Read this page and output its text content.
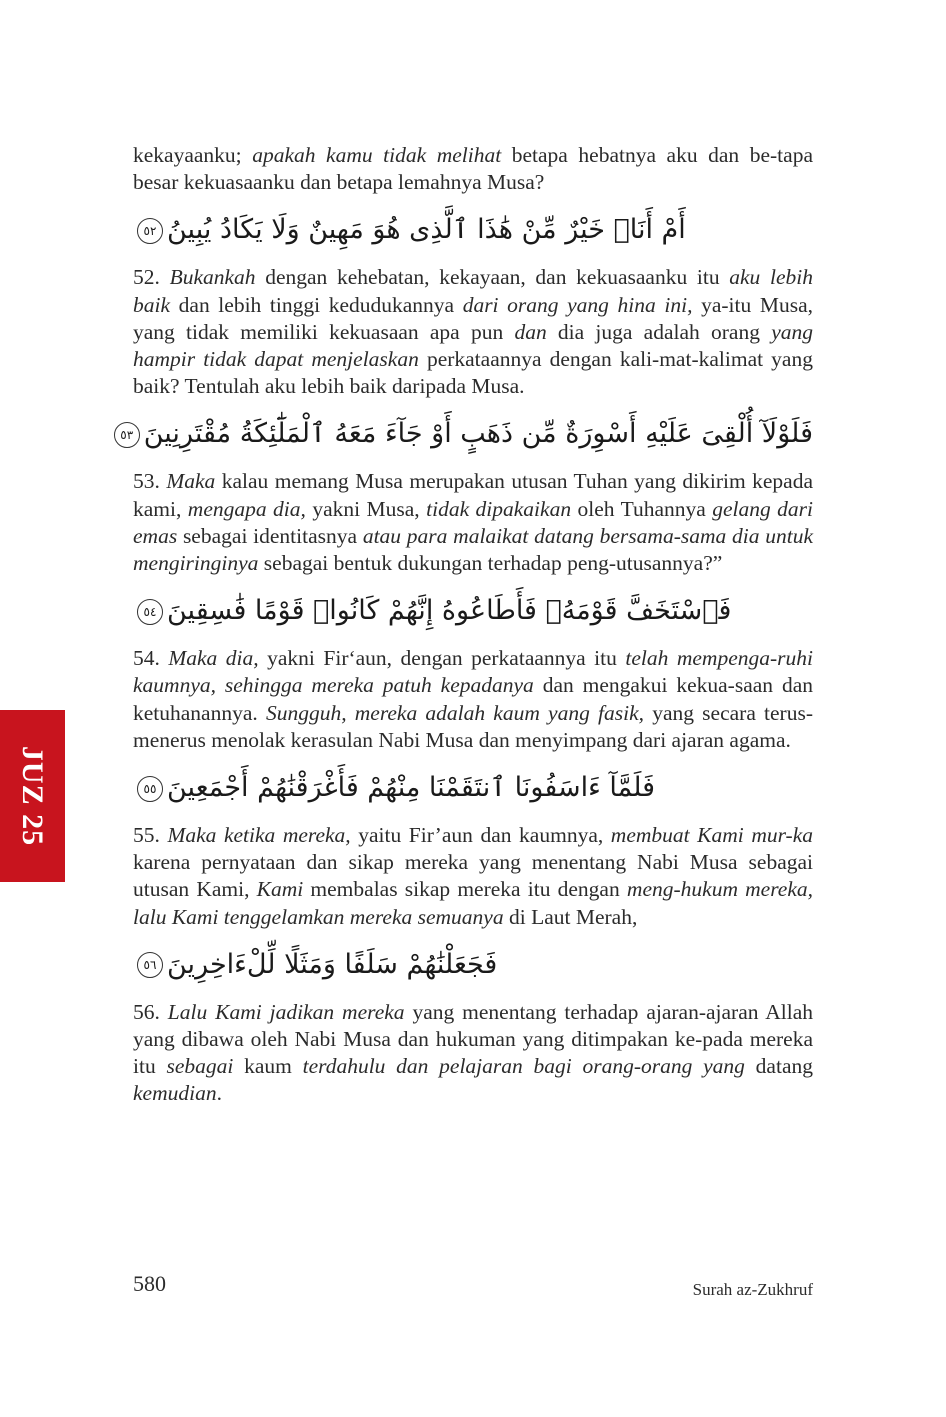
kekayaanku; apakah kamu tidak melihat betapa hebatnya aku dan be-tapa besar kekuasaanku dan betapa lemahnya Musa?

أَمْ أَنَا۠ خَيْرٌ مِّنْ هَٰذَا ٱلَّذِى هُوَ مَهِينٌ وَلَا يَكَادُ يُبِينُ٥٢

52. Bukankah dengan kehebatan, kekayaan, dan kekuasaanku itu aku lebih baik dan lebih tinggi kedudukannya dari orang yang hina ini, ya-itu Musa, yang tidak memiliki kekuasaan apa pun dan dia juga adalah orang yang hampir tidak dapat menjelaskan perkataannya dengan kali-mat-kalimat yang baik? Tentulah aku lebih baik daripada Musa.

فَلَوْلَآ أُلْقِىَ عَلَيْهِ أَسْوِرَةٌ مِّن ذَهَبٍ أَوْ جَآءَ مَعَهُ ٱلْمَلَٰٓئِكَةُ مُقْتَرِنِينَ٥٣

53. Maka kalau memang Musa merupakan utusan Tuhan yang dikirim kepada kami, mengapa dia, yakni Musa, tidak dipakaikan oleh Tuhannya gelang dari emas sebagai identitasnya atau para malaikat datang bersama-sama dia untuk mengiringinya sebagai bentuk dukungan terhadap peng-utusannya?”

فَٱسْتَخَفَّ قَوْمَهُۥ فَأَطَاعُوهُ إِنَّهُمْ كَانُوا۟ قَوْمًا فَٰسِقِينَ٥٤

54. Maka dia, yakni Fir‘aun, dengan perkataannya itu telah mempenga-ruhi kaumnya, sehingga mereka patuh kepadanya dan mengakui kekua-saan dan ketuhanannya. Sungguh, mereka adalah kaum yang fasik, yang secara terus-menerus menolak kerasulan Nabi Musa dan menyimpang dari ajaran agama.

فَلَمَّآ ءَاسَفُونَا ٱنتَقَمْنَا مِنْهُمْ فَأَغْرَقْنَٰهُمْ أَجْمَعِينَ٥٥

55. Maka ketika mereka, yaitu Fir’aun dan kaumnya, membuat Kami mur-ka karena pernyataan dan sikap mereka yang menentang Nabi Musa sebagai utusan Kami, Kami membalas sikap mereka itu dengan meng-hukum mereka, lalu Kami tenggelamkan mereka semuanya di Laut Merah,

فَجَعَلْنَٰهُمْ سَلَفًا وَمَثَلًا لِّلْءَاخِرِينَ٥٦

56. Lalu Kami jadikan mereka yang menentang terhadap ajaran-ajaran Allah yang dibawa oleh Nabi Musa dan hukuman yang ditimpakan ke-pada mereka itu sebagai kaum terdahulu dan pelajaran bagi orang-orang yang datang kemudian.

JUZ 25
580	Surah az-Zukhruf
